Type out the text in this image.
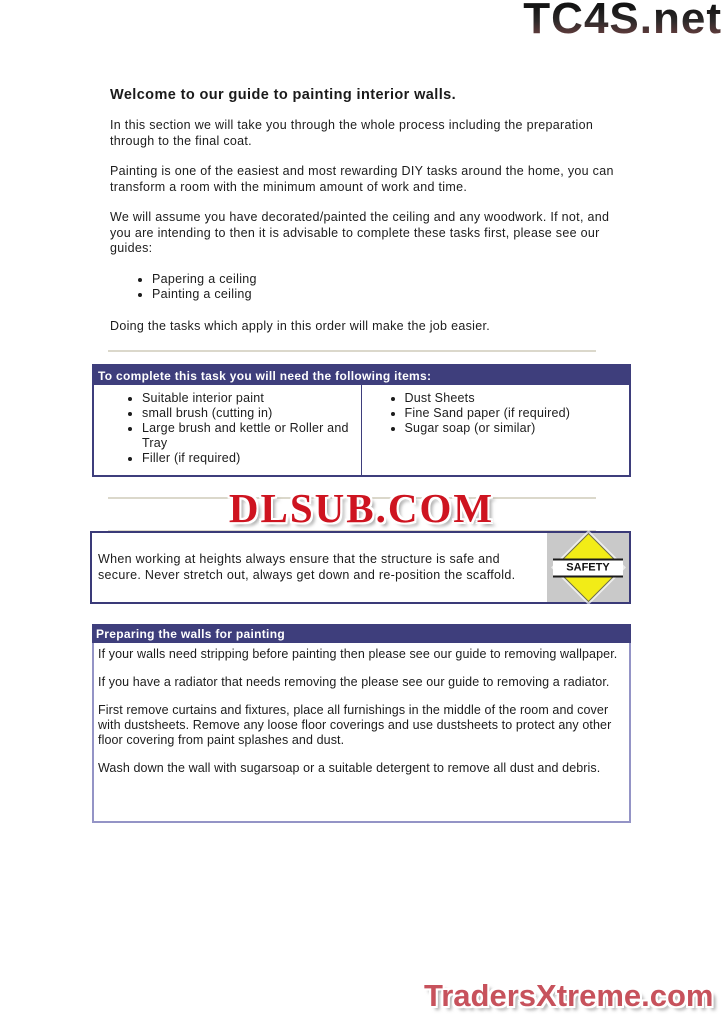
TC4S.net
Welcome to our guide to painting interior walls.

In this section we will take you through the whole process including the preparation through to the final coat.

Painting is one of the easiest and most rewarding DIY tasks around the home, you can transform a room with the minimum amount of work and time.

We will assume you have decorated/painted the ceiling and any woodwork. If not, and you are intending to then it is advisable to complete these tasks first, please see our guides:

• Papering a ceiling
• Painting a ceiling

Doing the tasks which apply in this order will make the job easier.

To complete this task you will need the following items:
• Suitable interior paint
• small brush (cutting in)
• Large brush and kettle or Roller and Tray
• Filler (if required)
• Dust Sheets
• Fine Sand paper (if required)
• Sugar soap (or similar)
DLSUB.COM
When working at heights always ensure that the structure is safe and secure. Never stretch out, always get down and re-position the scaffold.	SAFETY
Preparing the walls for painting

If your walls need stripping before painting then please see our guide to removing wallpaper.

If you have a radiator that needs removing the please see our guide to removing a radiator.

First remove curtains and fixtures, place all furnishings in the middle of the room and cover with dustsheets. Remove any loose floor coverings and use dustsheets to protect any other floor covering from paint splashes and dust.

Wash down the wall with sugarsoap or a suitable detergent to remove all dust and debris.

TradersXtreme.com
